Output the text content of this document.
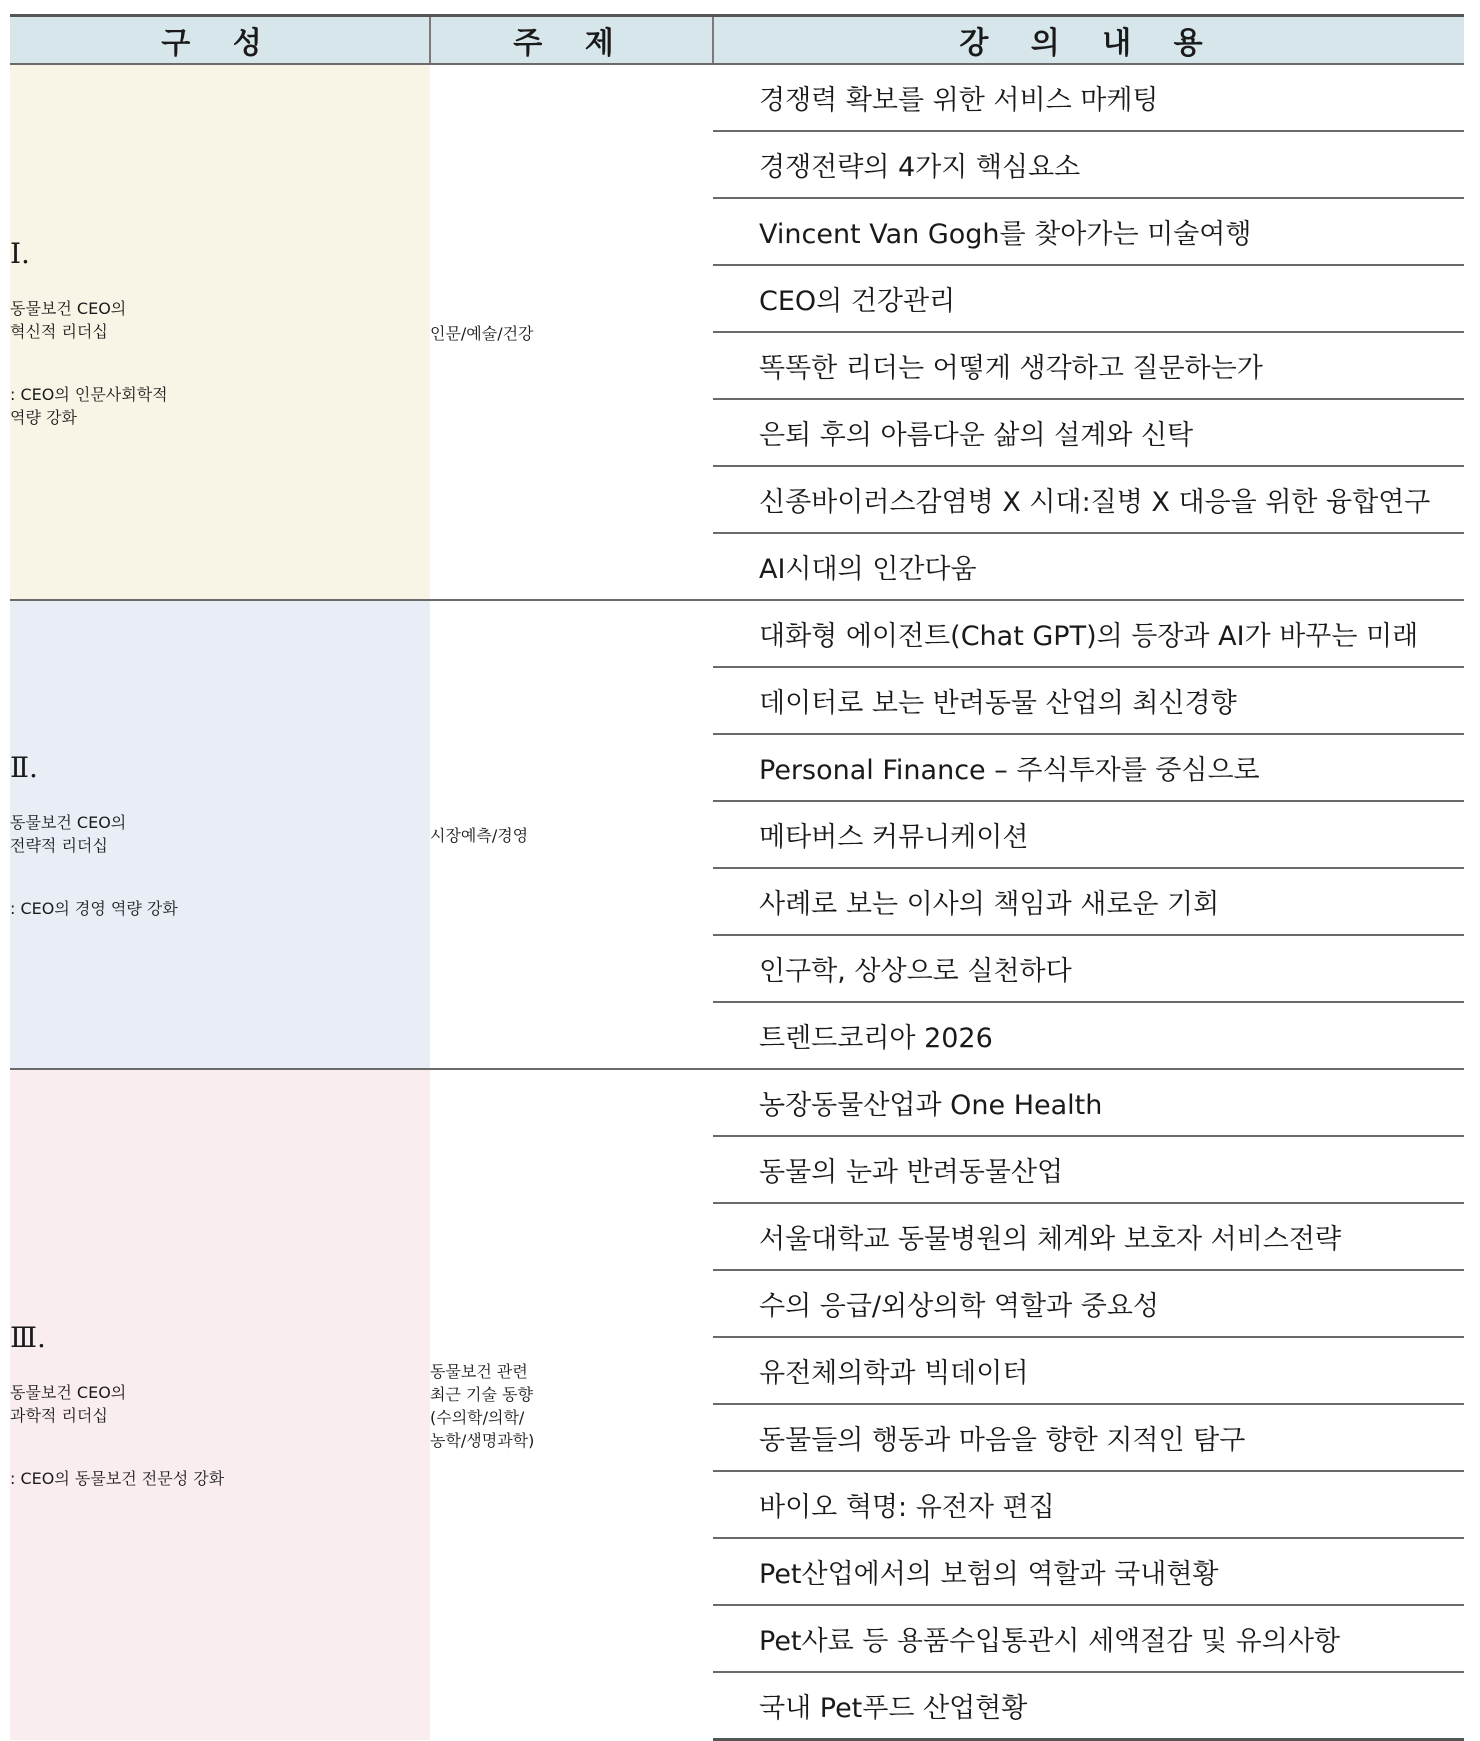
구 성	주 제	강 의 내 용

Ⅰ.
동물보건 CEO의
혁신적 리더십
: CEO의 인문사회학적
역량 강화	인문/예술/건강	경쟁력 확보를 위한 서비스 마케팅
		경쟁전략의 4가지 핵심요소
		Vincent Van Gogh를 찾아가는 미술여행
		CEO의 건강관리
		똑똑한 리더는 어떻게 생각하고 질문하는가
		은퇴 후의 아름다운 삶의 설계와 신탁
		신종바이러스감염병 X 시대:질병 X 대응을 위한 융합연구
		AI시대의 인간다움

Ⅱ.
동물보건 CEO의
전략적 리더십
: CEO의 경영 역량 강화	시장예측/경영	대화형 에이전트(Chat GPT)의 등장과 AI가 바꾸는 미래
		데이터로 보는 반려동물 산업의 최신경향
		Personal Finance – 주식투자를 중심으로
		메타버스 커뮤니케이션
		사례로 보는 이사의 책임과 새로운 기회
		인구학, 상상으로 실천하다
		트렌드코리아 2026

Ⅲ.
동물보건 CEO의
과학적 리더십
: CEO의 동물보건 전문성 강화	동물보건 관련
최근 기술 동향
(수의학/의학/
농학/생명과학)	농장동물산업과 One Health
		동물의 눈과 반려동물산업
		서울대학교 동물병원의 체계와 보호자 서비스전략
		수의 응급/외상의학 역할과 중요성
		유전체의학과 빅데이터
		동물들의 행동과 마음을 향한 지적인 탐구
		바이오 혁명: 유전자 편집
		Pet산업에서의 보험의 역할과 국내현황
		Pet사료 등 용품수입통관시 세액절감 및 유의사항
		국내 Pet푸드 산업현황
